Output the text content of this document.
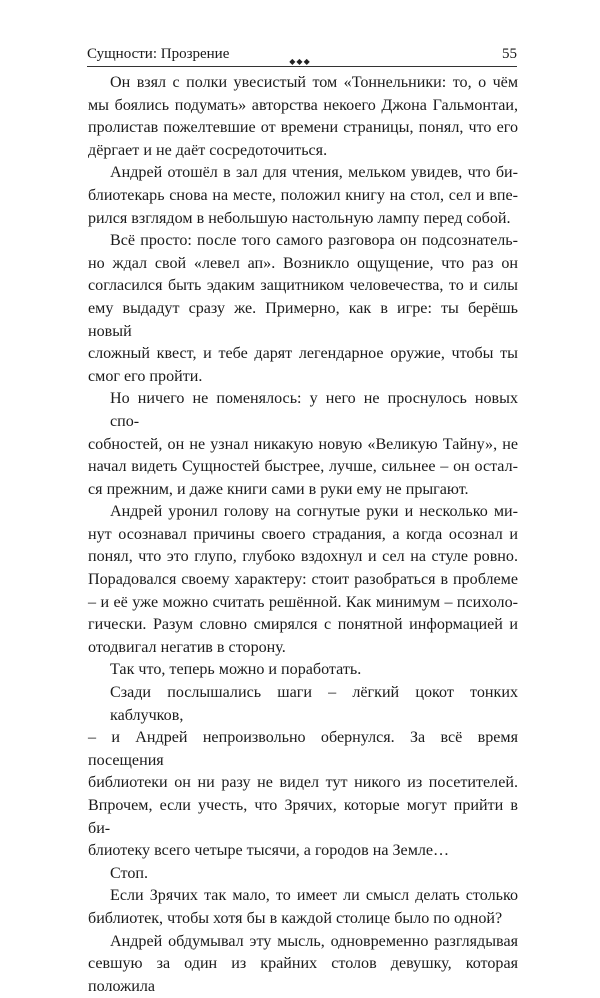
Сущности: Прозрение	55
◆◆◆
Он взял с полки увесистый том «Тоннельники: то, о чём
мы боялись подумать» авторства некоего Джона Гальмонтаи,
пролистав пожелтевшие от времени страницы, понял, что его
дёргает и не даёт сосредоточиться.
Андрей отошёл в зал для чтения, мельком увидев, что би-
блиотекарь снова на месте, положил книгу на стол, сел и впе-
рился взглядом в небольшую настольную лампу перед собой.
Всё просто: после того самого разговора он подсознатель-
но ждал свой «левел ап». Возникло ощущение, что раз он
согласился быть эдаким защитником человечества, то и силы
ему выдадут сразу же. Примерно, как в игре: ты берёшь новый
сложный квест, и тебе дарят легендарное оружие, чтобы ты
смог его пройти.
Но ничего не поменялось: у него не проснулось новых спо-
собностей, он не узнал никакую новую «Великую Тайну», не
начал видеть Сущностей быстрее, лучше, сильнее – он остал-
ся прежним, и даже книги сами в руки ему не прыгают.
Андрей уронил голову на согнутые руки и несколько ми-
нут осознавал причины своего страдания, а когда осознал и
понял, что это глупо, глубоко вздохнул и сел на стуле ровно.
Порадовался своему характеру: стоит разобраться в проблеме
– и её уже можно считать решённой. Как минимум – психоло-
гически. Разум словно смирялся с понятной информацией и
отодвигал негатив в сторону.
Так что, теперь можно и поработать.
Сзади послышались шаги – лёгкий цокот тонких каблучков,
– и Андрей непроизвольно обернулся. За всё время посещения
библиотеки он ни разу не видел тут никого из посетителей.
Впрочем, если учесть, что Зрячих, которые могут прийти в би-
блиотеку всего четыре тысячи, а городов на Земле…
Стоп.
Если Зрячих так мало, то имеет ли смысл делать столько
библиотек, чтобы хотя бы в каждой столице было по одной?
Андрей обдумывал эту мысль, одновременно разглядывая
севшую за один из крайних столов девушку, которая положила
